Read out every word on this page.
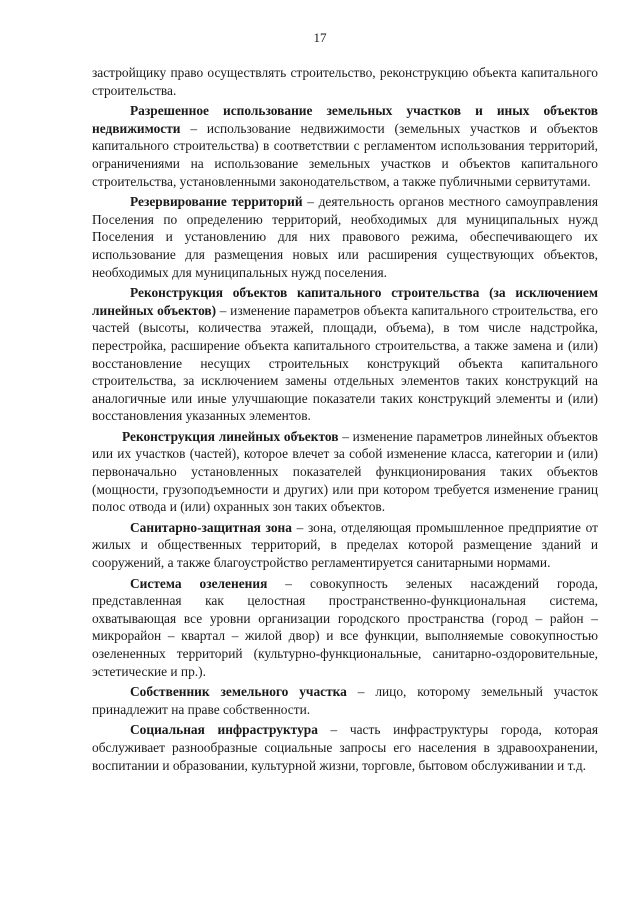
17

застройщику право осуществлять строительство, реконструкцию объекта капитального строительства.

Разрешенное использование земельных участков и иных объектов недвижимости – использование недвижимости (земельных участков и объектов капитального строительства) в соответствии с регламентом использования территорий, ограничениями на использование земельных участков и объектов капитального строительства, установленными законодательством, а также публичными сервитутами.

Резервирование территорий – деятельность органов местного самоуправления Поселения по определению территорий, необходимых для муниципальных нужд Поселения и установлению для них правового режима, обеспечивающего их использование для размещения новых или расширения существующих объектов, необходимых для муниципальных нужд поселения.

Реконструкция объектов капитального строительства (за исключением линейных объектов) – изменение параметров объекта капитального строительства, его частей (высоты, количества этажей, площади, объема), в том числе надстройка, перестройка, расширение объекта капитального строительства, а также замена и (или) восстановление несущих строительных конструкций объекта капитального строительства, за исключением замены отдельных элементов таких конструкций на аналогичные или иные улучшающие показатели таких конструкций элементы и (или) восстановления указанных элементов.

Реконструкция линейных объектов – изменение параметров линейных объектов или их участков (частей), которое влечет за собой изменение класса, категории и (или) первоначально установленных показателей функционирования таких объектов (мощности, грузоподъемности и других) или при котором требуется изменение границ полос отвода и (или) охранных зон таких объектов.

Санитарно-защитная зона – зона, отделяющая промышленное предприятие от жилых и общественных территорий, в пределах которой размещение зданий и сооружений, а также благоустройство регламентируется санитарными нормами.

Система озеленения – совокупность зеленых насаждений города, представленная как целостная пространственно-функциональная система, охватывающая все уровни организации городского пространства (город – район – микрорайон – квартал – жилой двор) и все функции, выполняемые совокупностью озелененных территорий (культурно-функциональные, санитарно-оздоровительные, эстетические и пр.).

Собственник земельного участка – лицо, которому земельный участок принадлежит на праве собственности.

Социальная инфраструктура – часть инфраструктуры города, которая обслуживает разнообразные социальные запросы его населения в здравоохранении, воспитании и образовании, культурной жизни, торговле, бытовом обслуживании и т.д.
